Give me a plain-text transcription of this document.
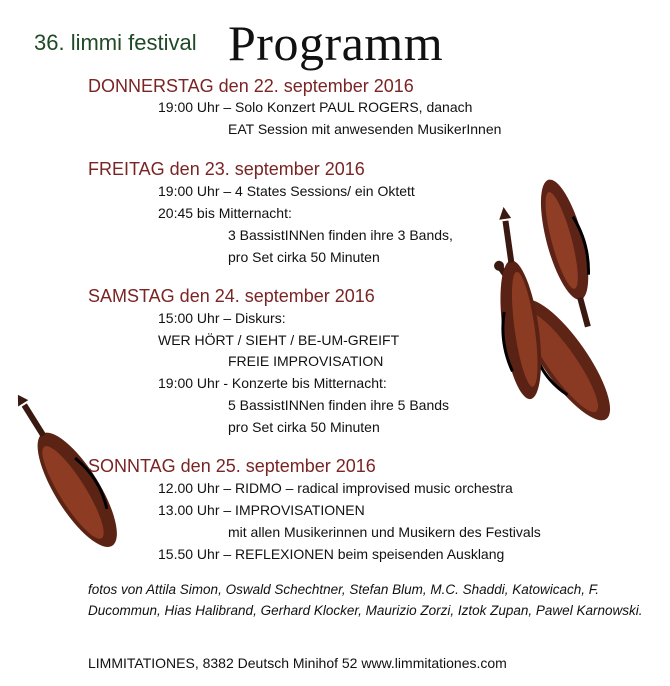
36. limmi festival Programm
DONNERSTAG den 22. september 2016
19:00 Uhr – Solo Konzert PAUL ROGERS, danach
EAT Session mit anwesenden MusikerInnen
FREITAG den 23. september 2016
19:00 Uhr – 4 States Sessions/ ein Oktett
20:45 bis Mitternacht:
3 BassistINNen finden ihre 3 Bands,
pro Set cirka 50 Minuten
SAMSTAG den 24. september 2016
15:00 Uhr – Diskurs:
WER HÖRT / SIEHT / BE-UM-GREIFT
FREIE IMPROVISATION
19:00 Uhr - Konzerte bis Mitternacht:
5 BassistINNen finden ihre 5 Bands
pro Set cirka 50 Minuten
SONNTAG den 25. september 2016
12.00 Uhr – RIDMO – radical improvised music orchestra
13.00 Uhr – IMPROVISATIONEN
mit allen Musikerinnen und Musikern des Festivals
15.50 Uhr – REFLEXIONEN beim speisenden Ausklang
fotos von Attila Simon, Oswald Schechtner, Stefan Blum, M.C. Shaddi, Katowicach, F. Ducommun, Hias Halibrand, Gerhard Klocker, Maurizio Zorzi, Iztok Zupan, Pawel Karnowski.
LIMMITATIONES, 8382 Deutsch Minihof 52 www.limmitationes.com
